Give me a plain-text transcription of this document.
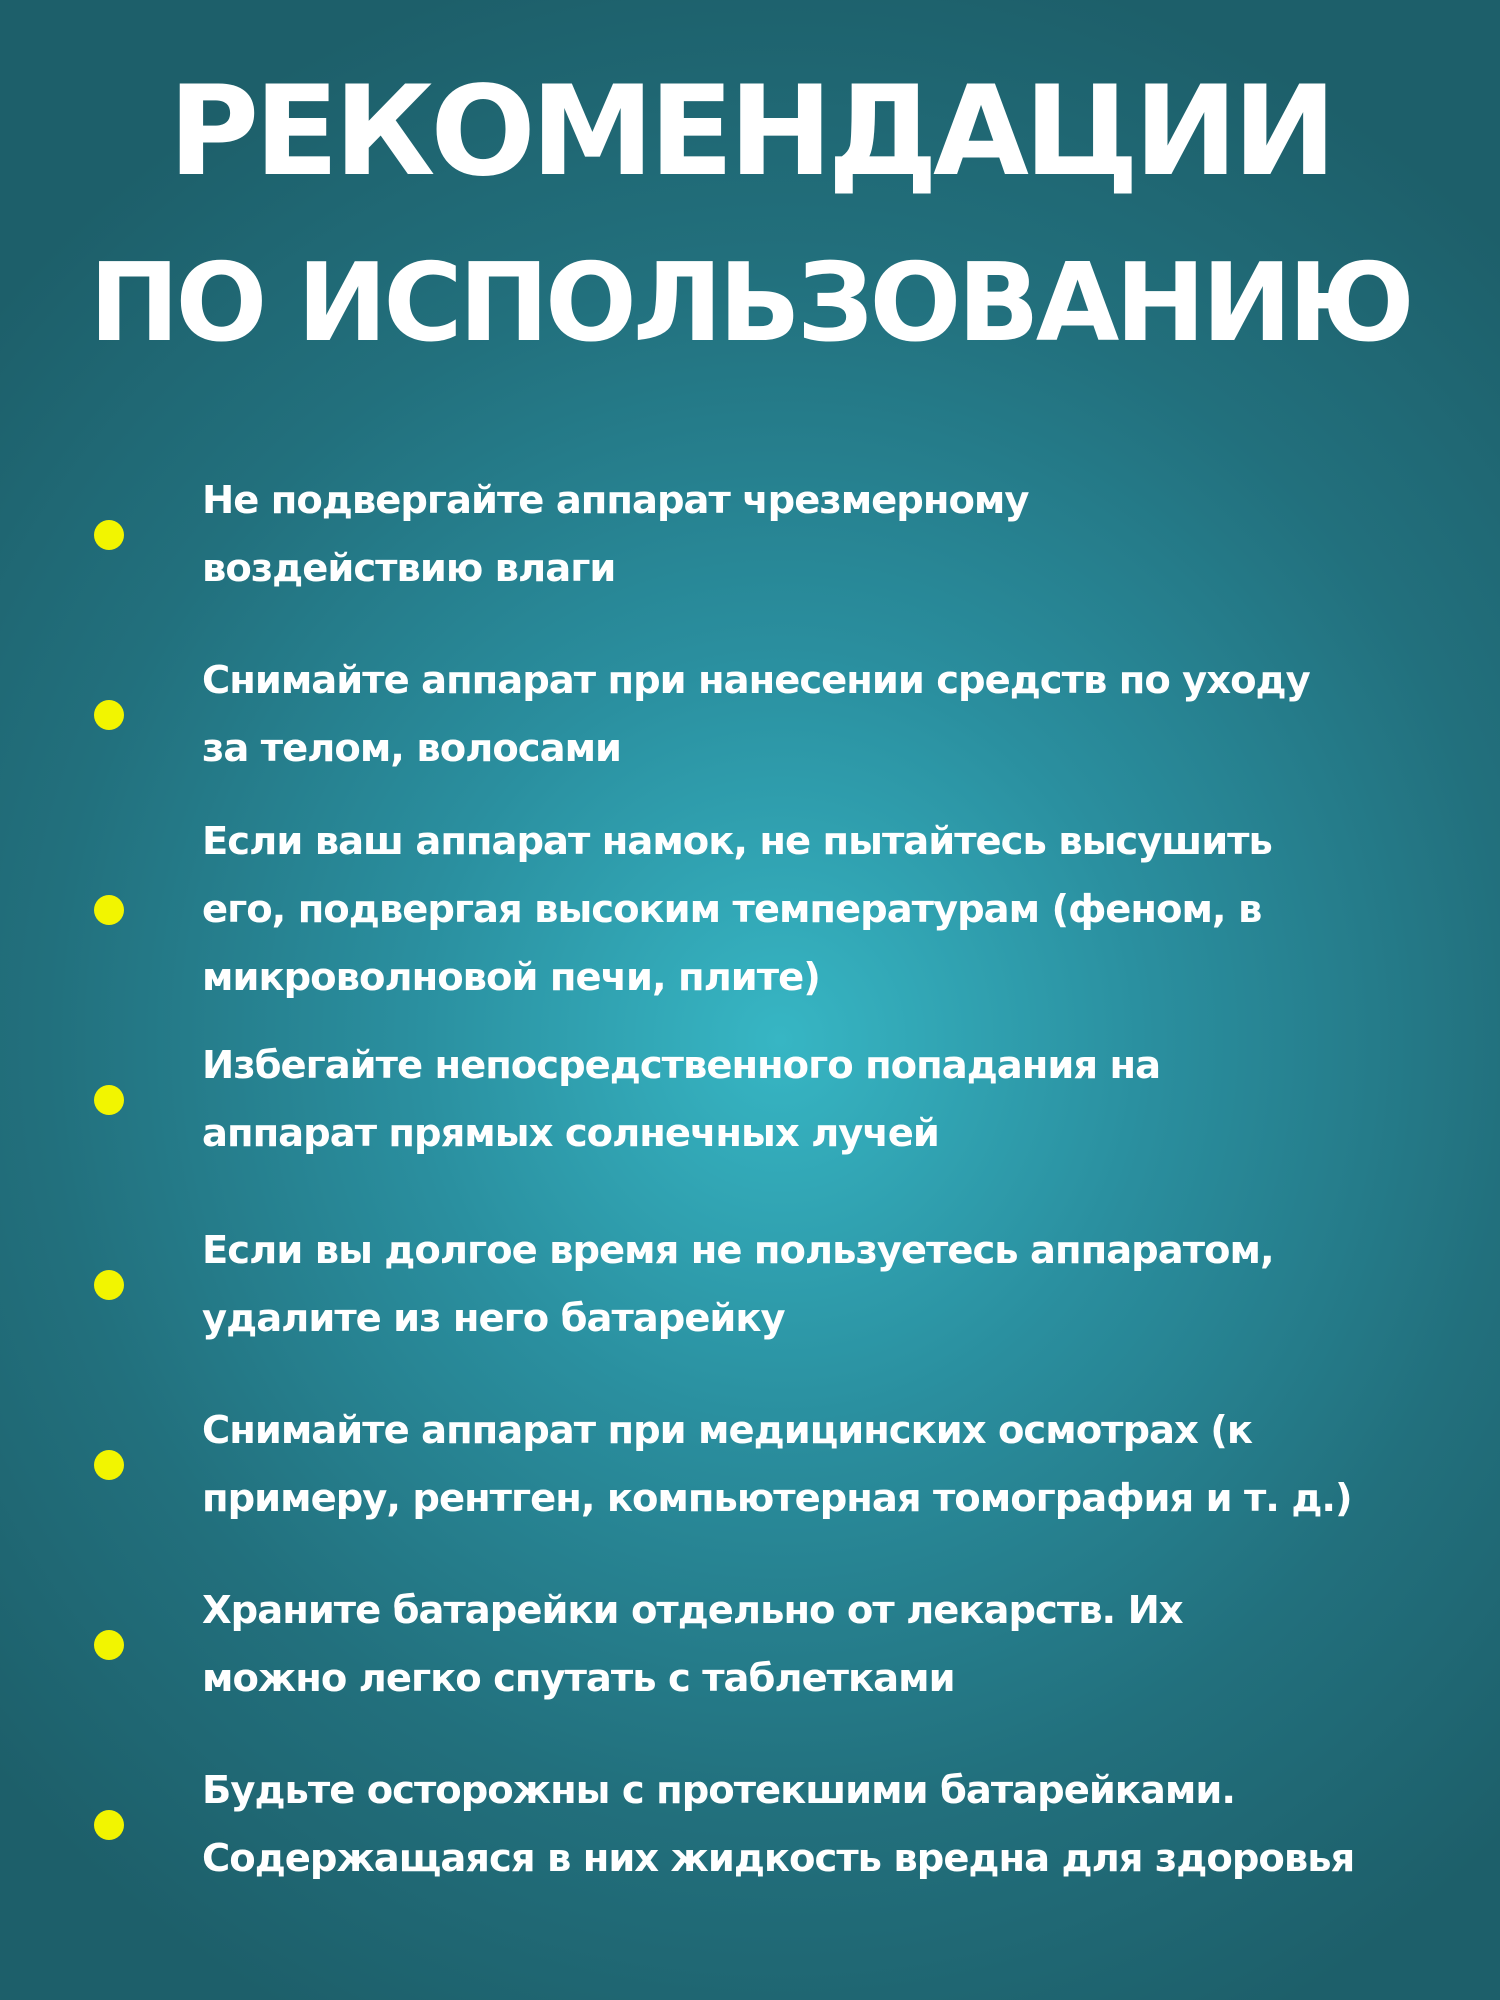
РЕКОМЕНДАЦИИ
ПО ИСПОЛЬЗОВАНИЮ
Не подвергайте аппарат чрезмерному
воздействию влаги
Снимайте аппарат при нанесении средств по уходу
за телом, волосами
Если ваш аппарат намок, не пытайтесь высушить
его, подвергая высоким температурам (феном, в
микроволновой печи, плите)
Избегайте непосредственного попадания на
аппарат прямых солнечных лучей
Если вы долгое время не пользуетесь аппаратом,
удалите из него батарейку
Снимайте аппарат при медицинских осмотрах (к
примеру, рентген, компьютерная томография и т. д.)
Храните батарейки отдельно от лекарств. Их
можно легко спутать с таблетками
Будьте осторожны с протекшими батарейками.
Содержащаяся в них жидкость вредна для здоровья
